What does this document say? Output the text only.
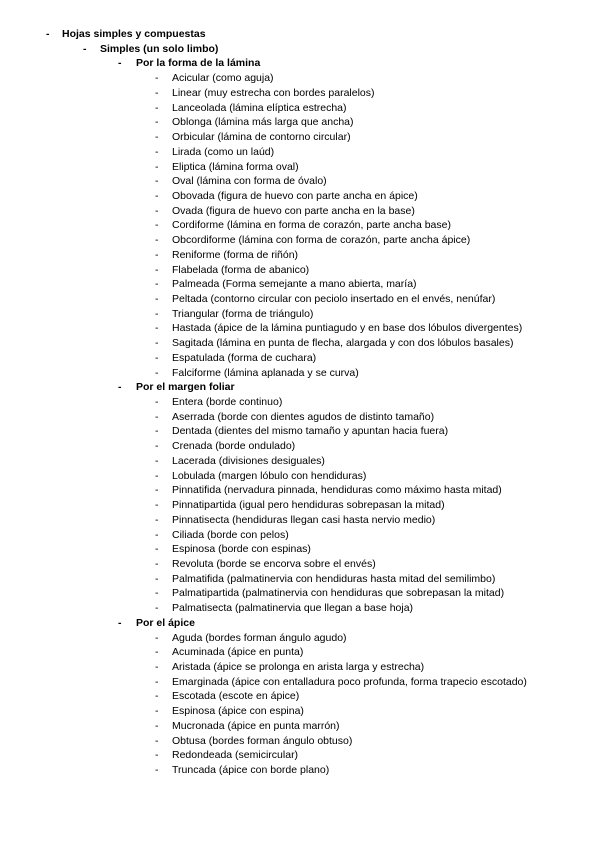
- Hojas simples y compuestas
- Simples (un solo limbo)
- Por la forma de la lámina
- Acicular (como aguja)
- Linear (muy estrecha con bordes paralelos)
- Lanceolada (lámina elíptica estrecha)
- Oblonga (lámina más larga que ancha)
- Orbicular (lámina de contorno circular)
- Lirada (como un laúd)
- Eliptica (lámina forma oval)
- Oval (lámina con forma de óvalo)
- Obovada (figura de huevo con parte ancha en ápice)
- Ovada (figura de huevo con parte ancha en la base)
- Cordiforme (lámina en forma de corazón, parte ancha base)
- Obcordiforme (lámina con forma de corazón, parte ancha ápice)
- Reniforme (forma de riñón)
- Flabelada (forma de abanico)
- Palmeada (Forma semejante a mano abierta, maría)
- Peltada (contorno circular con peciolo insertado en el envés, nenúfar)
- Triangular (forma de triángulo)
- Hastada (ápice de la lámina puntiagudo y en base dos lóbulos divergentes)
- Sagitada (lámina en punta de flecha, alargada y con dos lóbulos basales)
- Espatulada (forma de cuchara)
- Falciforme (lámina aplanada y se curva)
- Por el margen foliar
- Entera (borde continuo)
- Aserrada (borde con dientes agudos de distinto tamaño)
- Dentada (dientes del mismo tamaño y apuntan hacia fuera)
- Crenada (borde ondulado)
- Lacerada (divisiones desiguales)
- Lobulada (margen lóbulo con hendiduras)
- Pinnatifida (nervadura pinnada, hendiduras como máximo hasta mitad)
- Pinnatipartida (igual pero hendiduras sobrepasan la mitad)
- Pinnatisecta (hendiduras llegan casi hasta nervio medio)
- Ciliada (borde con pelos)
- Espinosa (borde con espinas)
- Revoluta (borde se encorva sobre el envés)
- Palmatifida (palmatinervia con hendiduras hasta mitad del semilimbo)
- Palmatipartida (palmatinervia con hendiduras que sobrepasan la mitad)
- Palmatisecta (palmatinervia que llegan a base hoja)
- Por el ápice
- Aguda (bordes forman ángulo agudo)
- Acuminada (ápice en punta)
- Aristada (ápice se prolonga en arista larga y estrecha)
- Emarginada (ápice con entalladura poco profunda, forma trapecio escotado)
- Escotada (escote en ápice)
- Espinosa (ápice con espina)
- Mucronada (ápice en punta marrón)
- Obtusa (bordes forman ángulo obtuso)
- Redondeada (semicircular)
- Truncada (ápice con borde plano)
